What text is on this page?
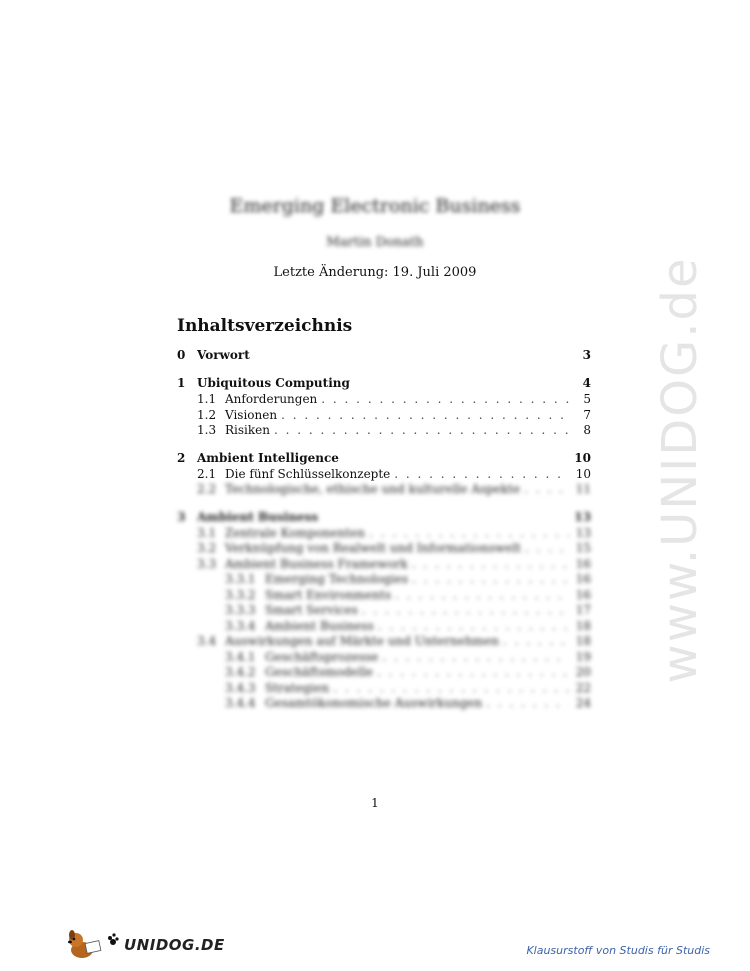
www.UNIDOG.de
Emerging Electronic Business
Martin Donath
Letzte Änderung: 19. Juli 2009
Inhaltsverzeichnis
0 Vorwort	3
1 Ubiquitous Computing	4
1.1 Anforderungen . . .	5
1.2 Visionen . . .	7
1.3 Risiken . . .	8
2 Ambient Intelligence	10
2.1 Die fünf Schlüsselkonzepte . . .	10
2.2 Technologische, ethische und kulturelle Aspekte . . .	11
3 Ambient Business	13
3.1 Zentrale Komponenten . . .	13
3.2 Verknüpfung von Realwelt und Informationswelt . . .	15
3.3 Ambient Business Framework . . .	16
3.3.1 Emerging Technologies . . .	16
3.3.2 Smart Environments . . .	16
3.3.3 Smart Services . . .	17
3.3.4 Ambient Business . . .	18
3.4 Auswirkungen auf Märkte und Unternehmen . . .	18
3.4.1 Geschäftsprozesse . . .	19
3.4.2 Geschäftsmodelle . . .	20
3.4.3 Strategien . . .	22
3.4.4 Gesamtökonomische Auswirkungen . . .	24
1
UNIDOG.DE	Klausurstoff von Studis für Studis
